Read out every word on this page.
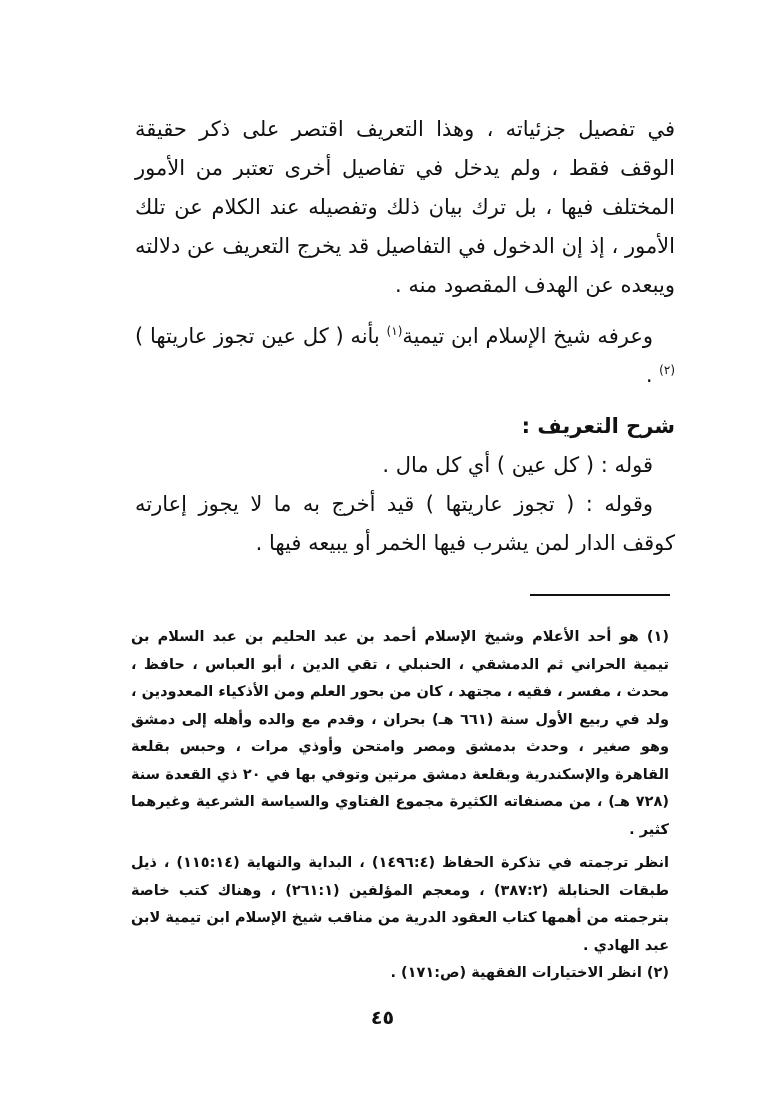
في تفصيل جزئياته ، وهذا التعريف اقتصر على ذكر حقيقة الوقف فقط ، ولم يدخل في تفاصيل أخرى تعتبر من الأمور المختلف فيها ، بل ترك بيان ذلك وتفصيله عند الكلام عن تلك الأمور ، إذ إن الدخول في التفاصيل قد يخرج التعريف عن دلالته ويبعده عن الهدف المقصود منه .

وعرفه شيخ الإسلام ابن تيمية$^{(١)}$ بأنه ( كل عين تجوز عاريتها )$^{(٢)}$ .

شرح التعريف :

قوله : ( كل عين ) أي كل مال .

وقوله : ( تجوز عاريتها ) قيد أخرج به ما لا يجوز إعارته كوقف الدار لمن يشرب فيها الخمر أو يبيعه فيها .

(١) هو أحد الأعلام وشيخ الإسلام أحمد بن عبد الحليم بن عبد السلام بن تيمية الحراني ثم الدمشقي ، الحنبلي ، تقي الدين ، أبو العباس ، حافظ ، محدث ، مفسر ، فقيه ، مجتهد ، كان من بحور العلم ومن الأذكياء المعدودين ، ولد في ربيع الأول سنة (٦٦١ هـ) بحران ، وقدم مع والده وأهله إلى دمشق وهو صغير ، وحدث بدمشق ومصر وامتحن وأوذي مرات ، وحبس بقلعة القاهرة والإسكندرية وبقلعة دمشق مرتين وتوفي بها في ٢٠ ذي القعدة سنة (٧٢٨ هـ) ، من مصنفاته الكثيرة مجموع الفتاوي والسياسة الشرعية وغيرهما كثير .

انظر ترجمته في تذكرة الحفاظ (١٤٩٦:٤) ، البداية والنهاية (١١٥:١٤) ، ذيل طبقات الحنابلة (٣٨٧:٢) ، ومعجم المؤلفين (٢٦١:١) ، وهناك كتب خاصة بترجمته من أهمها كتاب العقود الدرية من مناقب شيخ الإسلام ابن تيمية لابن عبد الهادي .

(٢) انظر الاختيارات الفقهية (ص:١٧١) .

٤٥
